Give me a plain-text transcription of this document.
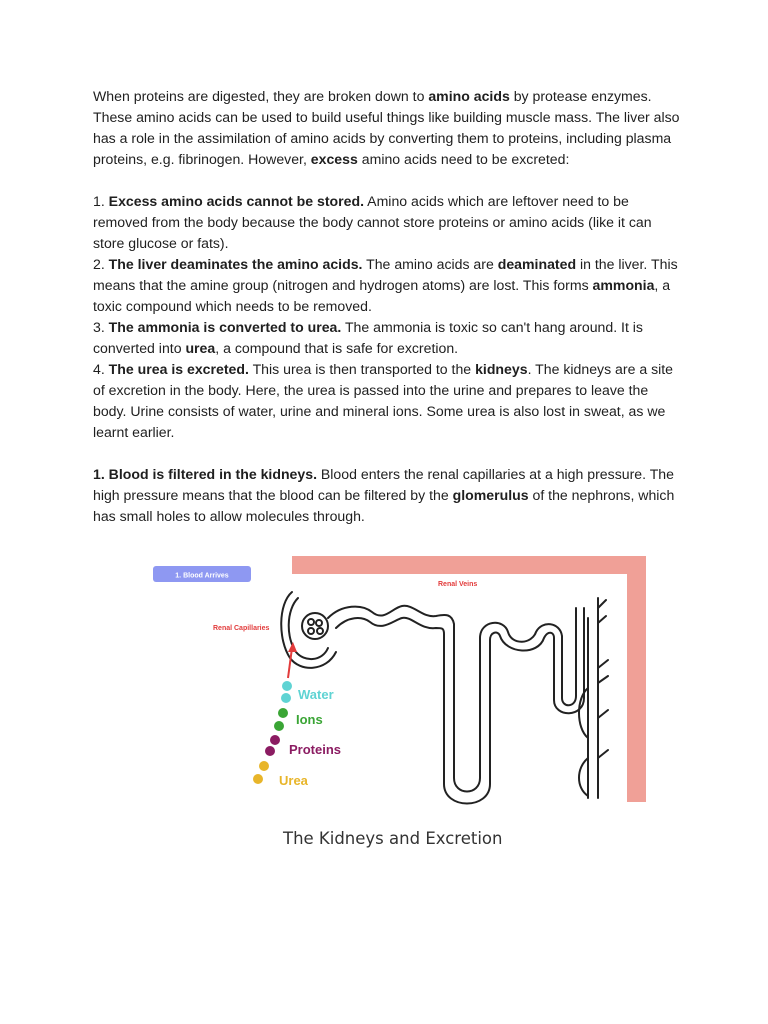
When proteins are digested, they are broken down to amino acids by protease enzymes. These amino acids can be used to build useful things like building muscle mass. The liver also has a role in the assimilation of amino acids by converting them to proteins, including plasma proteins, e.g. fibrinogen. However, excess amino acids need to be excreted:

1. Excess amino acids cannot be stored. Amino acids which are leftover need to be removed from the body because the body cannot store proteins or amino acids (like it can store glucose or fats).

2. The liver deaminates the amino acids. The amino acids are deaminated in the liver. This means that the amine group (nitrogen and hydrogen atoms) are lost. This forms ammonia, a toxic compound which needs to be removed.

3. The ammonia is converted to urea. The ammonia is toxic so can't hang around. It is converted into urea, a compound that is safe for excretion.

4. The urea is excreted. This urea is then transported to the kidneys. The kidneys are a site of excretion in the body. Here, the urea is passed into the urine and prepares to leave the body. Urine consists of water, urine and mineral ions. Some urea is also lost in sweat, as we learnt earlier.

1. Blood is filtered in the kidneys. Blood enters the renal capillaries at a high pressure. The high pressure means that the blood can be filtered by the glomerulus of the nephrons, which has small holes to allow molecules through.

1. Blood Arrives
Renal Veins
Renal Capillaries
Water
Ions
Proteins
Urea
The Kidneys and Excretion
